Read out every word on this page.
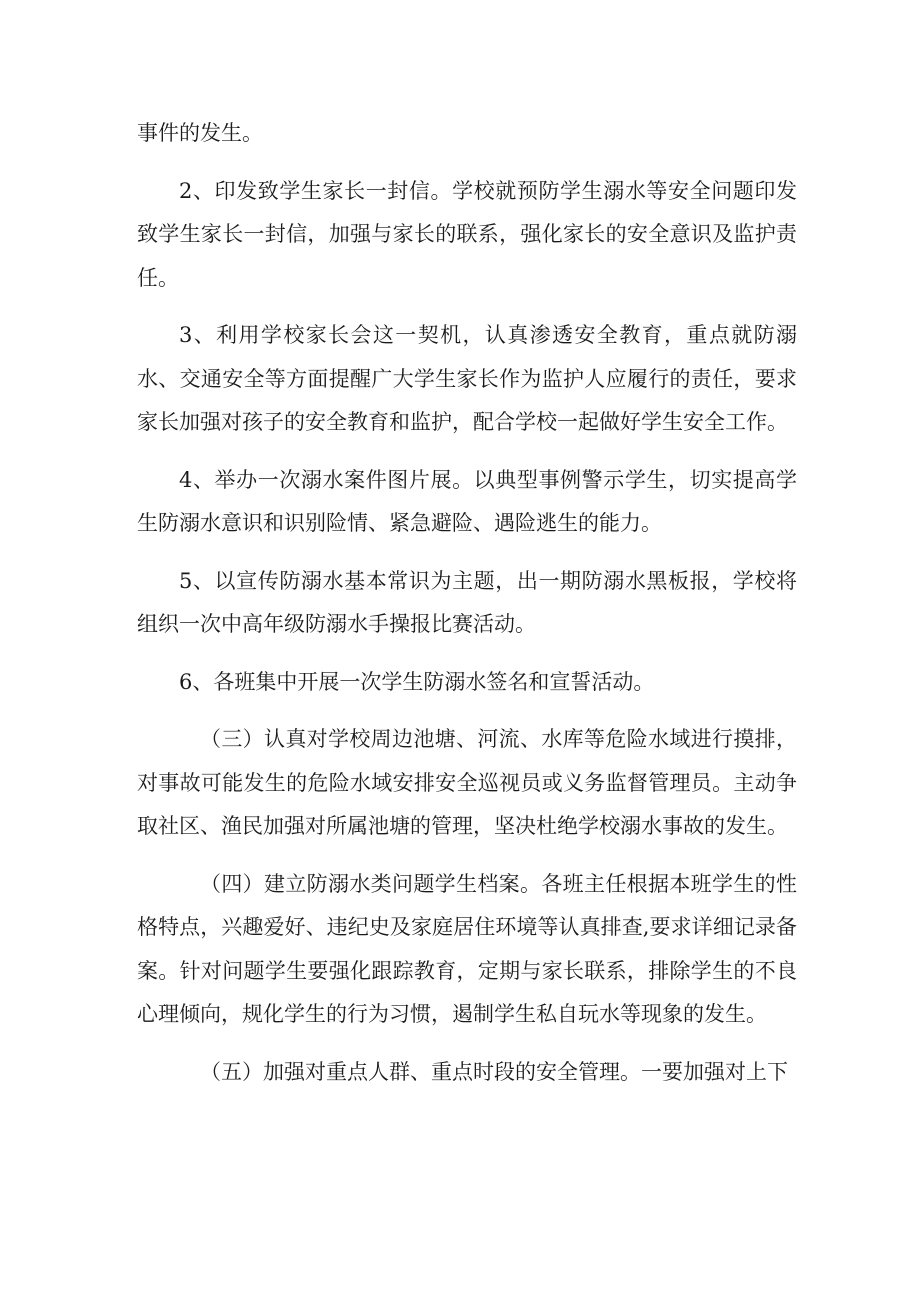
事件的发生。

2、印发致学生家长一封信。学校就预防学生溺水等安全问题印发致学生家长一封信，加强与家长的联系，强化家长的安全意识及监护责任。

3、利用学校家长会这一契机，认真渗透安全教育，重点就防溺水、交通安全等方面提醒广大学生家长作为监护人应履行的责任，要求家长加强对孩子的安全教育和监护，配合学校一起做好学生安全工作。

4、举办一次溺水案件图片展。以典型事例警示学生，切实提高学生防溺水意识和识别险情、紧急避险、遇险逃生的能力。

5、以宣传防溺水基本常识为主题，出一期防溺水黑板报，学校将组织一次中高年级防溺水手操报比赛活动。

6、各班集中开展一次学生防溺水签名和宣誓活动。

（三）认真对学校周边池塘、河流、水库等危险水域进行摸排，对事故可能发生的危险水域安排安全巡视员或义务监督管理员。主动争取社区、渔民加强对所属池塘的管理，坚决杜绝学校溺水事故的发生。

（四）建立防溺水类问题学生档案。各班主任根据本班学生的性格特点，兴趣爱好、违纪史及家庭居住环境等认真排查,要求详细记录备案。针对问题学生要强化跟踪教育，定期与家长联系，排除学生的不良心理倾向，规化学生的行为习惯，遏制学生私自玩水等现象的发生。

（五）加强对重点人群、重点时段的安全管理。一要加强对上下
